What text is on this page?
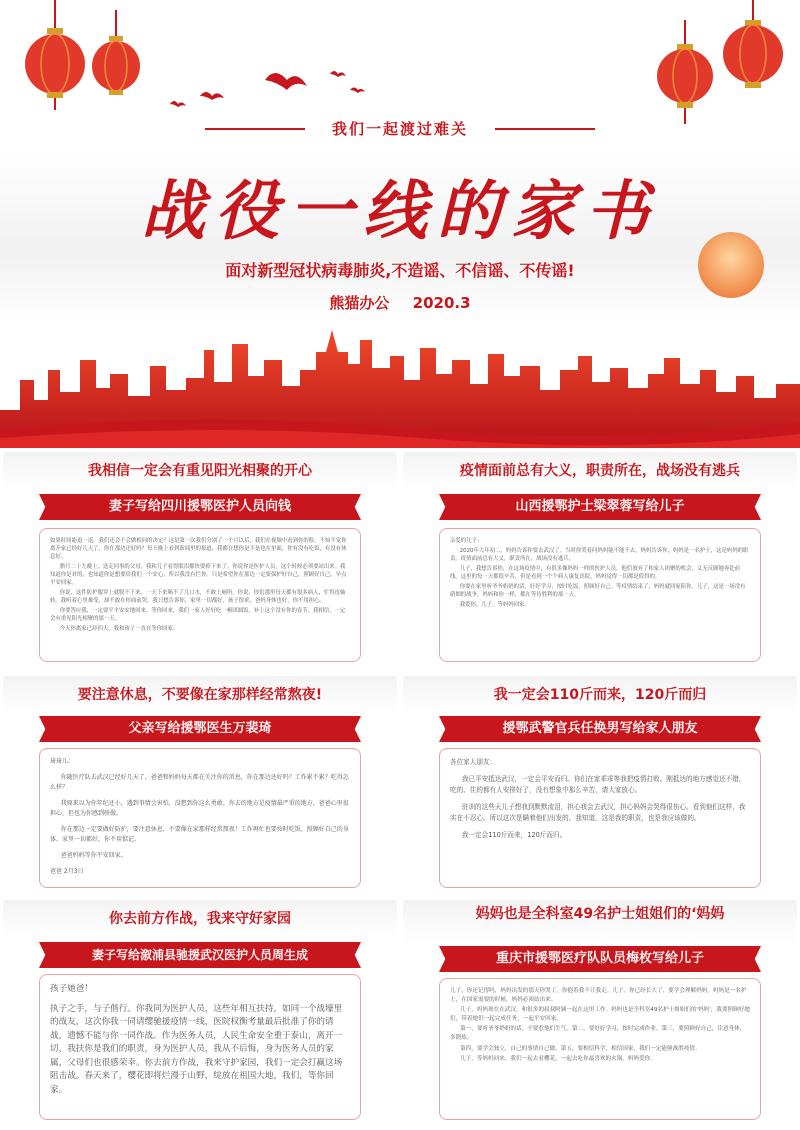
我们一起渡过难关
战役一线的家书
面对新型冠状病毒肺炎,不造谣、不信谣、不传谣!
熊猫办公 2020.3
我相信一定会有重见阳光相聚的开心
妻子写给四川援鄂医护人员向钱

如果时间能退一退，我们还会不会做相同的决定？这是第一次我们分别了一个月以后，我们在视频中看到你的脸。不知不觉你离开家已经好几天了，你在那边还好吗？每天晚上看到新闻里的报道，我都在想你是不是也在里面，你有没有吃饭，有没有休息好。

腊月二十九晚上，送走同事的父母，我和儿子看得眼泪都快要掉下来了。你说你是医护人员，这个时候必须要站出来。我知道你是对的，也知道你是想要给我们一个安心，所以我没有拦你。只是希望你在那边一定要保护好自己，照顾好自己，早点平安回家。

你说，这件防护服穿上就脱不下来，一天下来喝不了几口水，不敢上厕所。你说，你们那里每天都有很多病人，忙得连轴转。我听着心里难受，却不敢在你面前哭。我只想告诉你，家里一切都好，孩子很乖，爸妈身体也好，你不用担心。

你要答应我，一定要平平安安地回来。等你回来，我们一家人好好吃一顿团圆饭，补上这个没有你的春节。我相信，一定会有重见阳光相聚的那一天。

今天你离家已经四天，我和孩子一直在等你回家。

疫情面前总有大义，职责所在，战场没有逃兵
山西援鄂护士梁翠蓉写给儿子

亲爱的儿子：

2020年大年初二，妈妈告诉你要去武汉了。当时你哭着问妈妈能不能不去，妈妈告诉你，妈妈是一名护士，这是妈妈的职责。疫情面前总有大义，职责所在，战场没有逃兵。

儿子，我想告诉你，在这场疫情中，有很多像妈妈一样的医护人员，他们放弃了和家人团聚的机会，义无反顾地奔赴前线。这里的每一天都很辛苦，但是看到一个个病人康复出院，妈妈觉得一切都是值得的。

你要在家里听爷爷奶奶的话，好好学习，按时吃饭，照顾好自己。等疫情结束了，妈妈就回家陪你。儿子，这是一场没有硝烟的战争，妈妈和你一样，都在等待胜利的那一天。

我爱你，儿子。等妈妈回家。

要注意休息，不要像在家那样经常熬夜!
父亲写给援鄂医生万裴琦

琦琦儿：

你随医疗队去武汉已经好几天了，爸爸和妈妈每天都在关注你的消息，你在那边还好吗？工作累不累？吃得怎么样？

我原来以为你年纪还小，遇到事情会害怕，没想到你这么勇敢。你去的地方是疫情最严重的地方，爸爸心里很担心，但也为你感到骄傲。

你在那边一定要做好防护，要注意休息，不要像在家那样经常熬夜！工作再忙也要按时吃饭，照顾好自己的身体。家里一切都好，你不用惦记。

爸爸妈妈等你平安回家。

爸爸 2月3日

我一定会110斤而来，120斤而归
援鄂武警官兵任换男写给家人朋友

各位家人朋友：

我已平安抵达武汉，一定会平安而归。你们在家乖乖等我把疫情打败。刚抵达的地方感觉还不错，吃的、住的都有人安排好了，没有想象中那么辛苦，请大家放心。

驻训的这些天儿子想我到默默流泪，担心我会去武汉，担心妈妈会哭得很伤心。看到他们这样，我实在不忍心。所以这次是瞒着他们出发的。我知道，这是我的职责，也是我应该做的。

我一定会110斤而来，120斤而归。

你去前方作战，我来守好家园
妻子写给溆浦县驰援武汉医护人员周生成

孩子她爸！

执子之手，与子偕行。你我同为医护人员，这些年相互扶持，如同一个战壕里的战友，这次你我一同请缨驰援疫情一线，医院权衡考量最后批准了你的请战，遗憾不能与你一同作战。作为医务人员，人民生命安全重于泰山，离开一切，我扶你是我们的职责，身为医护人员，我从不后悔，身为医务人员的家属，父母们也很感荣幸。你去前方作战，我来守护家园，我们一定会打赢这场阻击战。春天来了，樱花即将烂漫于山野，绽放在祖国大地，我们，等你回家。

妈妈也是全科室49名护士姐姐们的‘妈妈
重庆市援鄂医疗队队员梅枚写给儿子

儿子，你还记得吗，妈妈出发的那天你哭了，你抱着我不让我走。儿子，你已经长大了，要学会理解妈妈。妈妈是一名护士，在国家需要的时候，妈妈必须站出来。

儿子，妈妈现在在武汉，和很多的叔叔阿姨一起在这里工作。妈妈也是全科室49名护士姐姐们的'妈妈'，我要照顾好她们，带着她们一起完成任务，一起平安回家。

第一，要听爷爷奶奶的话，不要惹他们生气。第二，要好好学习，按时完成作业。第三，要照顾好自己，注意身体，多锻炼。

第四，要学会独立，自己的事情自己做。第五，要相信科学，相信国家，我们一定能够战胜疫情。

儿子，等妈妈回来，我们一起去看樱花，一起去吃你最喜欢的火锅。妈妈爱你。
